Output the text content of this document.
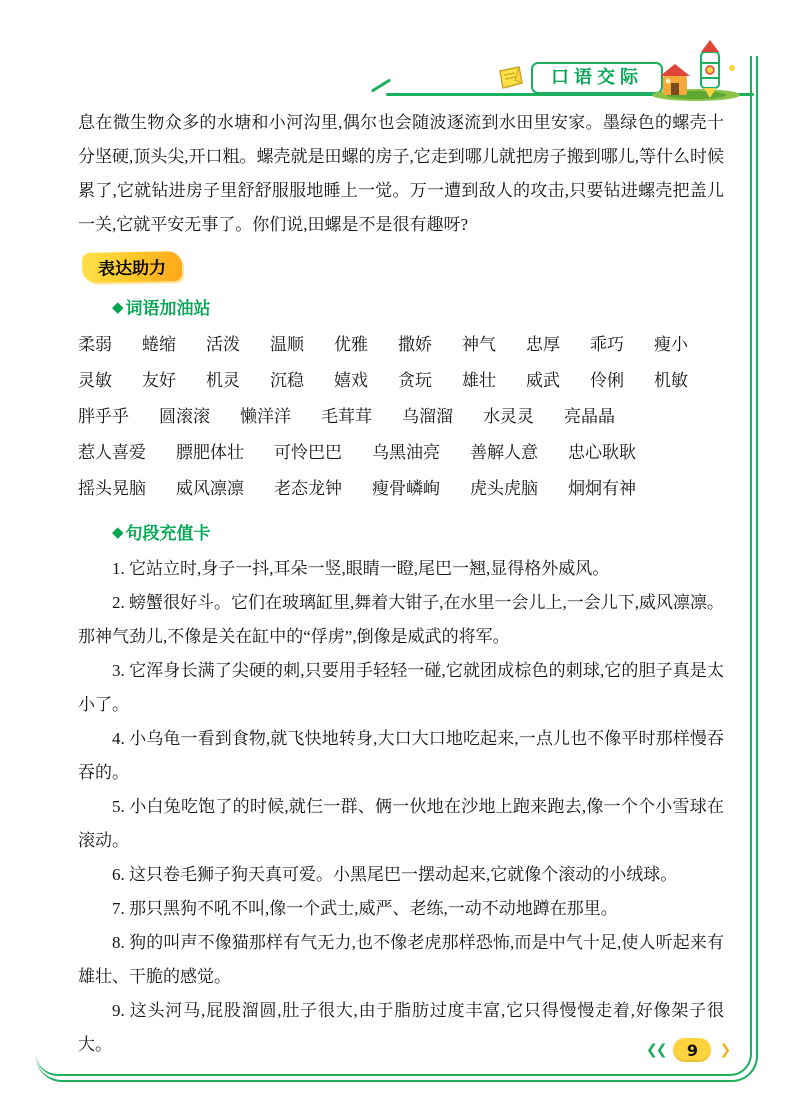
口语交际

息在微生物众多的水塘和小河沟里,偶尔也会随波逐流到水田里安家。墨绿色的螺壳十分坚硬,顶头尖,开口粗。螺壳就是田螺的房子,它走到哪儿就把房子搬到哪儿,等什么时候累了,它就钻进房子里舒舒服服地睡上一觉。万一遭到敌人的攻击,只要钻进螺壳把盖儿一关,它就平安无事了。你们说,田螺是不是很有趣呀?

表达助力
◆ 词语加油站
柔弱 蜷缩 活泼 温顺 优雅 撒娇 神气 忠厚 乖巧 瘦小
灵敏 友好 机灵 沉稳 嬉戏 贪玩 雄壮 威武 伶俐 机敏
胖乎乎 圆滚滚 懒洋洋 毛茸茸 乌溜溜 水灵灵 亮晶晶
惹人喜爱 膘肥体壮 可怜巴巴 乌黑油亮 善解人意 忠心耿耿
摇头晃脑 威风凛凛 老态龙钟 瘦骨嶙峋 虎头虎脑 炯炯有神
◆ 句段充值卡

1. 它站立时,身子一抖,耳朵一竖,眼睛一瞪,尾巴一翘,显得格外威风。

2. 螃蟹很好斗。它们在玻璃缸里,舞着大钳子,在水里一会儿上,一会儿下,威风凛凛。那神气劲儿,不像是关在缸中的“俘虏”,倒像是威武的将军。

3. 它浑身长满了尖硬的刺,只要用手轻轻一碰,它就团成棕色的刺球,它的胆子真是太小了。

4. 小乌龟一看到食物,就飞快地转身,大口大口地吃起来,一点儿也不像平时那样慢吞吞的。

5. 小白兔吃饱了的时候,就仨一群、俩一伙地在沙地上跑来跑去,像一个个小雪球在滚动。

6. 这只卷毛狮子狗天真可爱。小黑尾巴一摆动起来,它就像个滚动的小绒球。

7. 那只黑狗不吼不叫,像一个武士,威严、老练,一动不动地蹲在那里。

8. 狗的叫声不像猫那样有气无力,也不像老虎那样恐怖,而是中气十足,使人听起来有雄壮、干脆的感觉。

9. 这头河马,屁股溜圆,肚子很大,由于脂肪过度丰富,它只得慢慢走着,好像架子很大。	❮❮ 9 ❯
